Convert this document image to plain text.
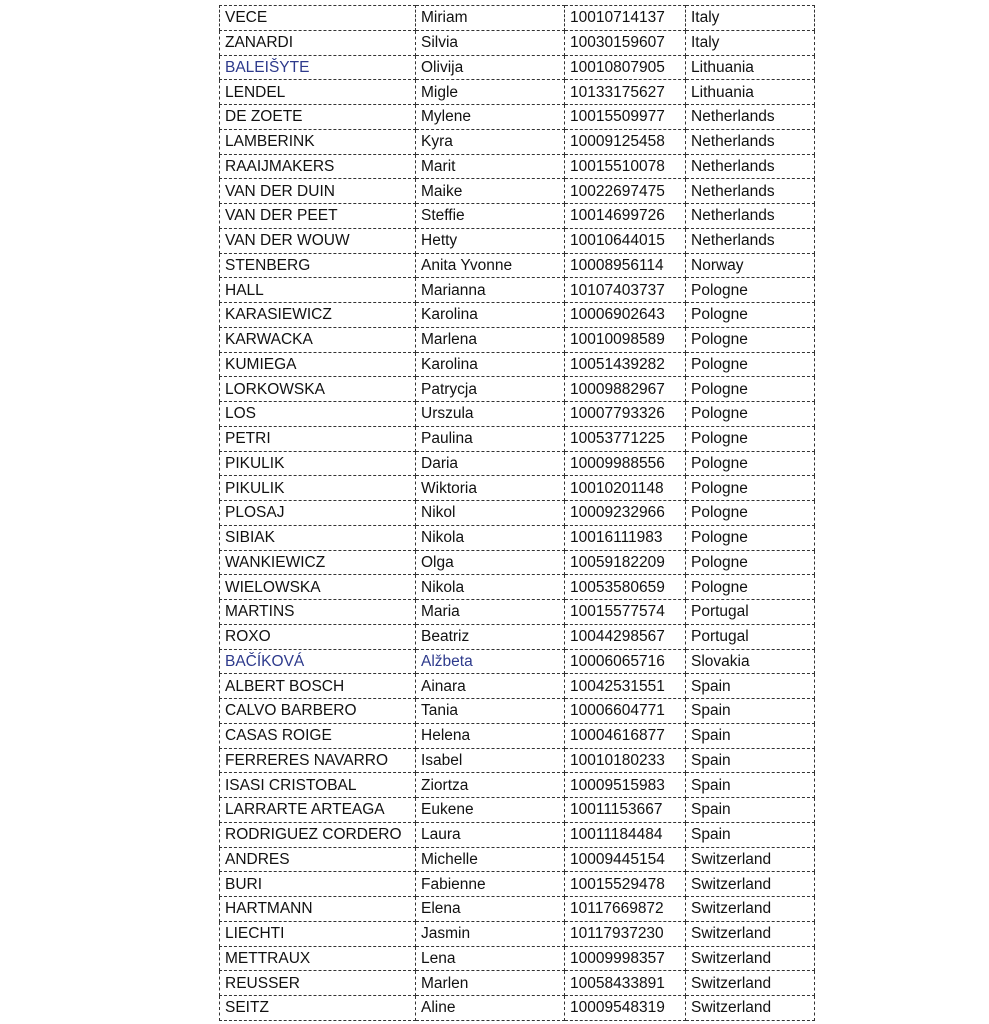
VECE	Miriam	10010714137	Italy
ZANARDI	Silvia	10030159607	Italy
BALEIŠYTE	Olivija	10010807905	Lithuania
LENDEL	Migle	10133175627	Lithuania
DE ZOETE	Mylene	10015509977	Netherlands
LAMBERINK	Kyra	10009125458	Netherlands
RAAIJMAKERS	Marit	10015510078	Netherlands
VAN DER DUIN	Maike	10022697475	Netherlands
VAN DER PEET	Steffie	10014699726	Netherlands
VAN DER WOUW	Hetty	10010644015	Netherlands
STENBERG	Anita Yvonne	10008956114	Norway
HALL	Marianna	10107403737	Pologne
KARASIEWICZ	Karolina	10006902643	Pologne
KARWACKA	Marlena	10010098589	Pologne
KUMIEGA	Karolina	10051439282	Pologne
LORKOWSKA	Patrycja	10009882967	Pologne
LOS	Urszula	10007793326	Pologne
PETRI	Paulina	10053771225	Pologne
PIKULIK	Daria	10009988556	Pologne
PIKULIK	Wiktoria	10010201148	Pologne
PLOSAJ	Nikol	10009232966	Pologne
SIBIAK	Nikola	10016111983	Pologne
WANKIEWICZ	Olga	10059182209	Pologne
WIELOWSKA	Nikola	10053580659	Pologne
MARTINS	Maria	10015577574	Portugal
ROXO	Beatriz	10044298567	Portugal
BAČÍKOVÁ	Alžbeta	10006065716	Slovakia
ALBERT BOSCH	Ainara	10042531551	Spain
CALVO BARBERO	Tania	10006604771	Spain
CASAS ROIGE	Helena	10004616877	Spain
FERRERES NAVARRO	Isabel	10010180233	Spain
ISASI CRISTOBAL	Ziortza	10009515983	Spain
LARRARTE ARTEAGA	Eukene	10011153667	Spain
RODRIGUEZ CORDERO	Laura	10011184484	Spain
ANDRES	Michelle	10009445154	Switzerland
BURI	Fabienne	10015529478	Switzerland
HARTMANN	Elena	10117669872	Switzerland
LIECHTI	Jasmin	10117937230	Switzerland
METTRAUX	Lena	10009998357	Switzerland
REUSSER	Marlen	10058433891	Switzerland
SEITZ	Aline	10009548319	Switzerland
